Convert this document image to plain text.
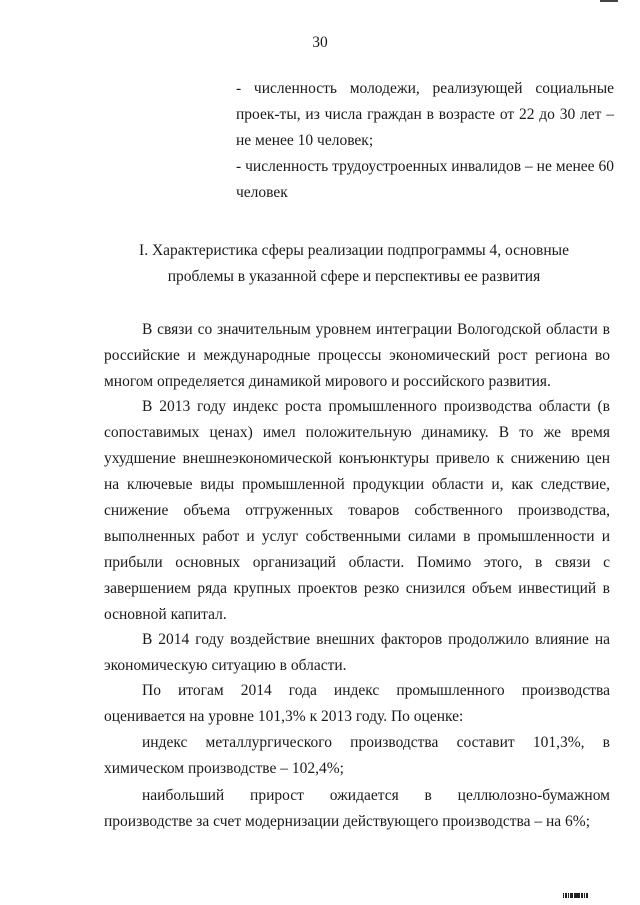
30
- численность молодежи, реализующей социальные проек-ты, из числа граждан в возрасте от 22 до 30 лет – не менее 10 человек;
- численность трудоустроенных инвалидов – не менее 60 человек
I. Характеристика сферы реализации подпрограммы 4, основные
проблемы в указанной сфере и перспективы ее развития
В связи со значительным уровнем интеграции Вологодской области в российские и международные процессы экономический рост региона во многом определяется динамикой мирового и российского развития.
В 2013 году индекс роста промышленного производства области (в сопоставимых ценах) имел положительную динамику. В то же время ухудшение внешнеэкономической конъюнктуры привело к снижению цен на ключевые виды промышленной продукции области и, как следствие, снижение объема отгруженных товаров собственного производства, выполненных работ и услуг собственными силами в промышленности и прибыли основных организаций области. Помимо этого, в связи с завершением ряда крупных проектов резко снизился объем инвестиций в основной капитал.
В 2014 году воздействие внешних факторов продолжило влияние на экономическую ситуацию в области.
По итогам 2014 года индекс промышленного производства оценивается на уровне 101,3% к 2013 году. По оценке:
индекс металлургического производства составит 101,3%, в химическом производстве – 102,4%;
наибольший прирост ожидается в целлюлозно-бумажном производстве за счет модернизации действующего производства – на 6%;
